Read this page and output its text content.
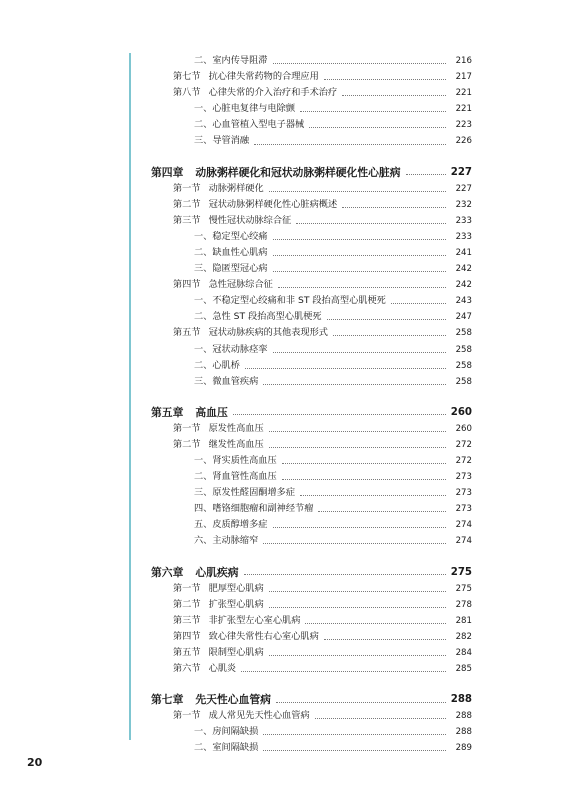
二、室内传导阻滞	216
第七节 抗心律失常药物的合理应用	217
第八节 心律失常的介入治疗和手术治疗	221
一、心脏电复律与电除颤	221
二、心血管植入型电子器械	223
三、导管消融	226
第四章 动脉粥样硬化和冠状动脉粥样硬化性心脏病	227
第一节 动脉粥样硬化	227
第二节 冠状动脉粥样硬化性心脏病概述	232
第三节 慢性冠状动脉综合征	233
一、稳定型心绞痛	233
二、缺血性心肌病	241
三、隐匿型冠心病	242
第四节 急性冠脉综合征	242
一、不稳定型心绞痛和非 ST 段抬高型心肌梗死	243
二、急性 ST 段抬高型心肌梗死	247
第五节 冠状动脉疾病的其他表现形式	258
一、冠状动脉痉挛	258
二、心肌桥	258
三、微血管疾病	258
第五章 高血压	260
第一节 原发性高血压	260
第二节 继发性高血压	272
一、肾实质性高血压	272
二、肾血管性高血压	273
三、原发性醛固酮增多症	273
四、嗜铬细胞瘤和副神经节瘤	273
五、皮质醇增多症	274
六、主动脉缩窄	274
第六章 心肌疾病	275
第一节 肥厚型心肌病	275
第二节 扩张型心肌病	278
第三节 非扩张型左心室心肌病	281
第四节 致心律失常性右心室心肌病	282
第五节 限制型心肌病	284
第六节 心肌炎	285
第七章 先天性心血管病	288
第一节 成人常见先天性心血管病	288
一、房间隔缺损	288
二、室间隔缺损	289
20
